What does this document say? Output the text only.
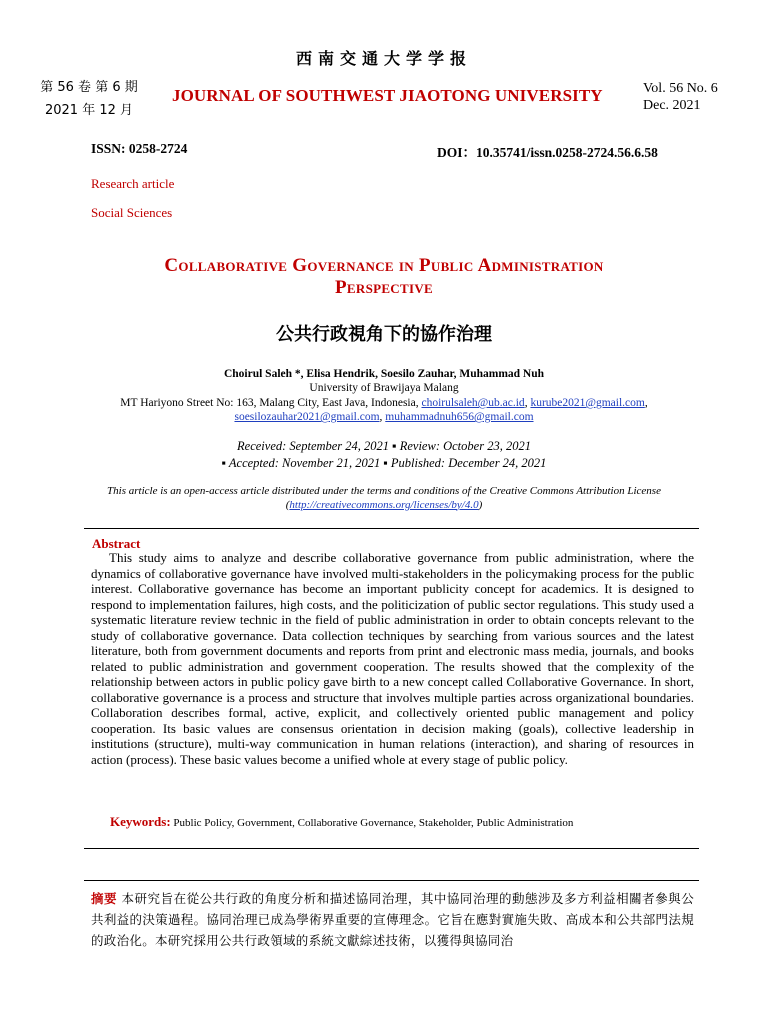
西南交通大学学报
第 56 卷 第 6 期
2021 年 12 月
JOURNAL OF SOUTHWEST JIAOTONG UNIVERSITY	Vol. 56 No. 6
Dec. 2021
ISSN: 0258-2724	DOI：10.35741/issn.0258-2724.56.6.58
Research article
Social Sciences
Collaborative Governance in Public Administration
Perspective
公共行政視角下的協作治理
Choirul Saleh *, Elisa Hendrik, Soesilo Zauhar, Muhammad Nuh
University of Brawijaya Malang
MT Hariyono Street No: 163, Malang City, East Java, Indonesia, choirulsaleh@ub.ac.id, kurube2021@gmail.com,
soesilozauhar2021@gmail.com, muhammadnuh656@gmail.com
Received: September 24, 2021 ▪ Review: October 23, 2021
▪ Accepted: November 21, 2021 ▪ Published: December 24, 2021
This article is an open-access article distributed under the terms and conditions of the Creative Commons Attribution License (http://creativecommons.org/licenses/by/4.0)
Abstract
This study aims to analyze and describe collaborative governance from public administration, where the dynamics of collaborative governance have involved multi-stakeholders in the policymaking process for the public interest. Collaborative governance has become an important publicity concept for academics. It is designed to respond to implementation failures, high costs, and the politicization of public sector regulations. This study used a systematic literature review technic in the field of public administration in order to obtain concepts relevant to the study of collaborative governance. Data collection techniques by searching from various sources and the latest literature, both from government documents and reports from print and electronic mass media, journals, and books related to public administration and government cooperation. The results showed that the complexity of the relationship between actors in public policy gave birth to a new concept called Collaborative Governance. In short, collaborative governance is a process and structure that involves multiple parties across organizational boundaries. Collaboration describes formal, active, explicit, and collectively oriented public management and policy cooperation. Its basic values are consensus orientation in decision making (goals), collective leadership in institutions (structure), multi-way communication in human relations (interaction), and sharing of resources in action (process). These basic values become a unified whole at every stage of public policy.
Keywords: Public Policy, Government, Collaborative Governance, Stakeholder, Public Administration
摘要 本研究旨在從公共行政的角度分析和描述協同治理，其中協同治理的動態涉及多方利益相關者參與公共利益的決策過程。協同治理已成為學術界重要的宣傳理念。它旨在應對實施失敗、高成本和公共部門法規的政治化。本研究採用公共行政領域的系統文獻綜述技術，以獲得與協同治
